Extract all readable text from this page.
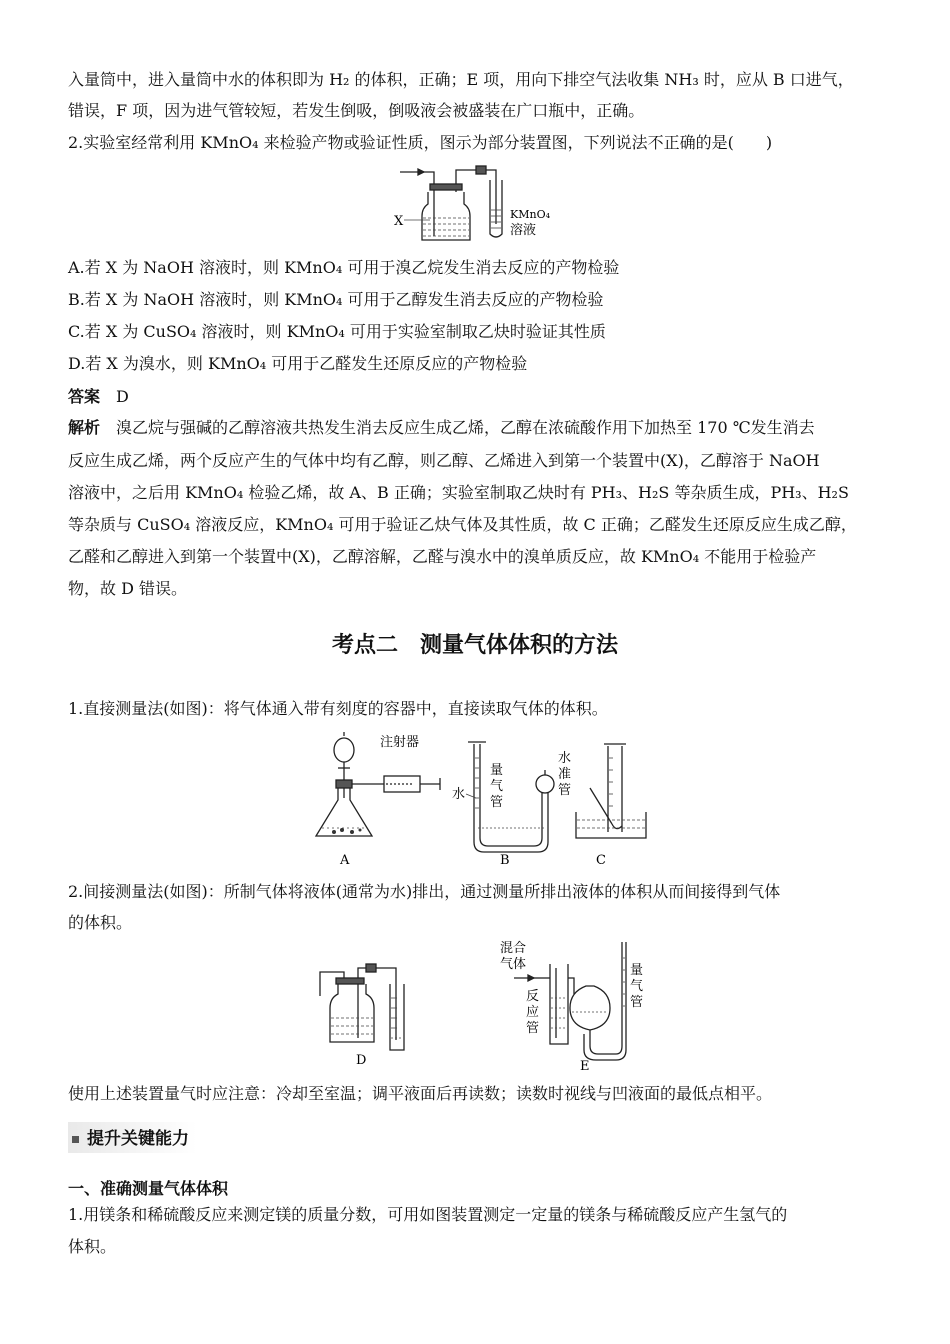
入量筒中，进入量筒中水的体积即为 H₂ 的体积，正确；E 项，用向下排空气法收集 NH₃ 时，应从 B 口进气，
错误，F 项，因为进气管较短，若发生倒吸，倒吸液会被盛装在广口瓶中，正确。
2.实验室经常利用 KMnO₄ 来检验产物或验证性质，图示为部分装置图，下列说法不正确的是(　　)
X	KMnO₄
溶液
A.若 X 为 NaOH 溶液时，则 KMnO₄ 可用于溴乙烷发生消去反应的产物检验
B.若 X 为 NaOH 溶液时，则 KMnO₄ 可用于乙醇发生消去反应的产物检验
C.若 X 为 CuSO₄ 溶液时，则 KMnO₄ 可用于实验室制取乙炔时验证其性质
D.若 X 为溴水，则 KMnO₄ 可用于乙醛发生还原反应的产物检验
答案 D
解析 溴乙烷与强碱的乙醇溶液共热发生消去反应生成乙烯，乙醇在浓硫酸作用下加热至 170 ℃发生消去
反应生成乙烯，两个反应产生的气体中均有乙醇，则乙醇、乙烯进入到第一个装置中(X)，乙醇溶于 NaOH
溶液中，之后用 KMnO₄ 检验乙烯，故 A、B 正确；实验室制取乙炔时有 PH₃、H₂S 等杂质生成，PH₃、H₂S
等杂质与 CuSO₄ 溶液反应，KMnO₄ 可用于验证乙炔气体及其性质，故 C 正确；乙醛发生还原反应生成乙醇，
乙醛和乙醇进入到第一个装置中(X)，乙醇溶解，乙醛与溴水中的溴单质反应，故 KMnO₄ 不能用于检验产
物，故 D 错误。
考点二　测量气体体积的方法
1.直接测量法(如图)：将气体通入带有刻度的容器中，直接读取气体的体积。
注射器
水
量
气
管
水
准
管
A	B	C
2.间接测量法(如图)：所制气体将液体(通常为水)排出，通过测量所排出液体的体积从而间接得到气体
的体积。
混合
气体
反
应
管
量
气
管
D	E
使用上述装置量气时应注意：冷却至室温；调平液面后再读数；读数时视线与凹液面的最低点相平。
提升关键能力
一、准确测量气体体积
1.用镁条和稀硫酸反应来测定镁的质量分数，可用如图装置测定一定量的镁条与稀硫酸反应产生氢气的
体积。
